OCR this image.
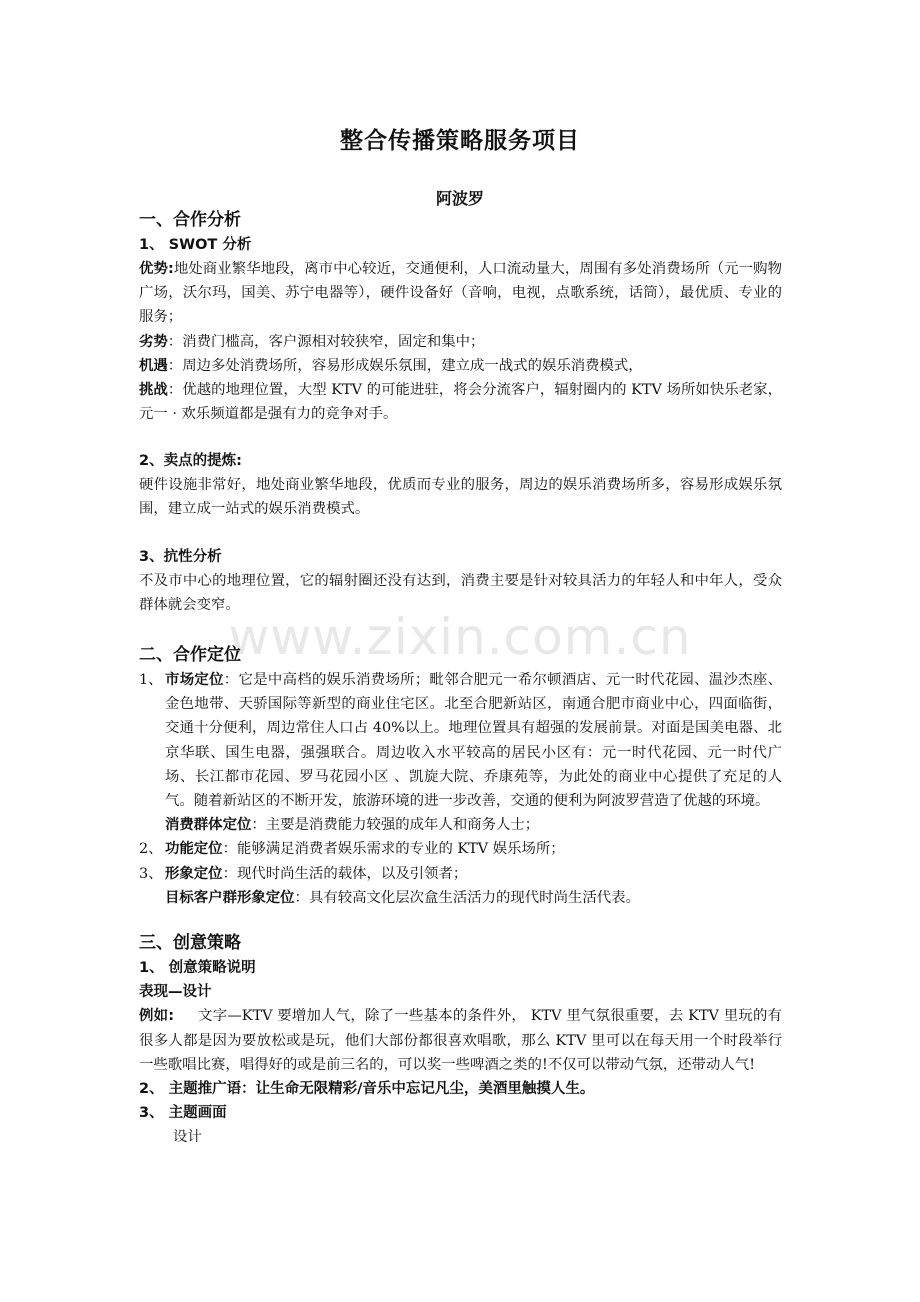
www.zixin.com.cn
整合传播策略服务项目
阿波罗
一、合作分析
1、 SWOT 分析

优势:地处商业繁华地段，离市中心较近，交通便利，人口流动量大，周围有多处消费场所（元一购物广场，沃尔玛，国美、苏宁电器等），硬件设备好（音响，电视，点歌系统，话筒），最优质、专业的服务；

劣势：消费门槛高，客户源相对较狭窄，固定和集中；

机遇：周边多处消费场所，容易形成娱乐氛围，建立成一战式的娱乐消费模式，

挑战：优越的地理位置，大型 KTV 的可能进驻，将会分流客户，辐射圈内的 KTV 场所如快乐老家，元一 · 欢乐频道都是强有力的竞争对手。

2、卖点的提炼:

硬件设施非常好，地处商业繁华地段，优质而专业的服务，周边的娱乐消费场所多，容易形成娱乐氛围，建立成一站式的娱乐消费模式。

3、抗性分析

不及市中心的地理位置，它的辐射圈还没有达到，消费主要是针对较具活力的年轻人和中年人，受众群体就会变窄。

二、合作定位
1、 市场定位：它是中高档的娱乐消费场所；毗邻合肥元一希尔顿酒店、元一时代花园、温沙杰座、金色地带、天骄国际等新型的商业住宅区。北至合肥新站区，南通合肥市商业中心，四面临街，交通十分便利，周边常住人口占 40%以上。地理位置具有超强的发展前景。对面是国美电器、北京华联、国生电器，强强联合。周边收入水平较高的居民小区有：元一时代花园、元一时代广场、长江都市花园、罗马花园小区 、凯旋大院、乔康苑等，为此处的商业中心提供了充足的人气。随着新站区的不断开发，旅游环境的进一步改善，交通的便利为阿波罗营造了优越的环境。
消费群体定位：主要是消费能力较强的成年人和商务人士；
2、 功能定位：能够满足消费者娱乐需求的专业的 KTV 娱乐场所；
3、 形象定位：现代时尚生活的载体，以及引领者；
目标客户群形象定位：具有较高文化层次盒生活活力的现代时尚生活代表。
三、创意策略
1、 创意策略说明
表现—设计

例如: 文字—KTV 要增加人气，除了一些基本的条件外， KTV 里气氛很重要，去 KTV 里玩的有很多人都是因为要放松或是玩，他们大部份都很喜欢唱歌，那么 KTV 里可以在每天用一个时段举行一些歌唱比赛，唱得好的或是前三名的，可以奖一些啤酒之类的!不仅可以带动气氛，还带动人气!

2、 主题推广语：让生命无限精彩/音乐中忘记凡尘，美酒里触摸人生。
3、 主题画面
设计
